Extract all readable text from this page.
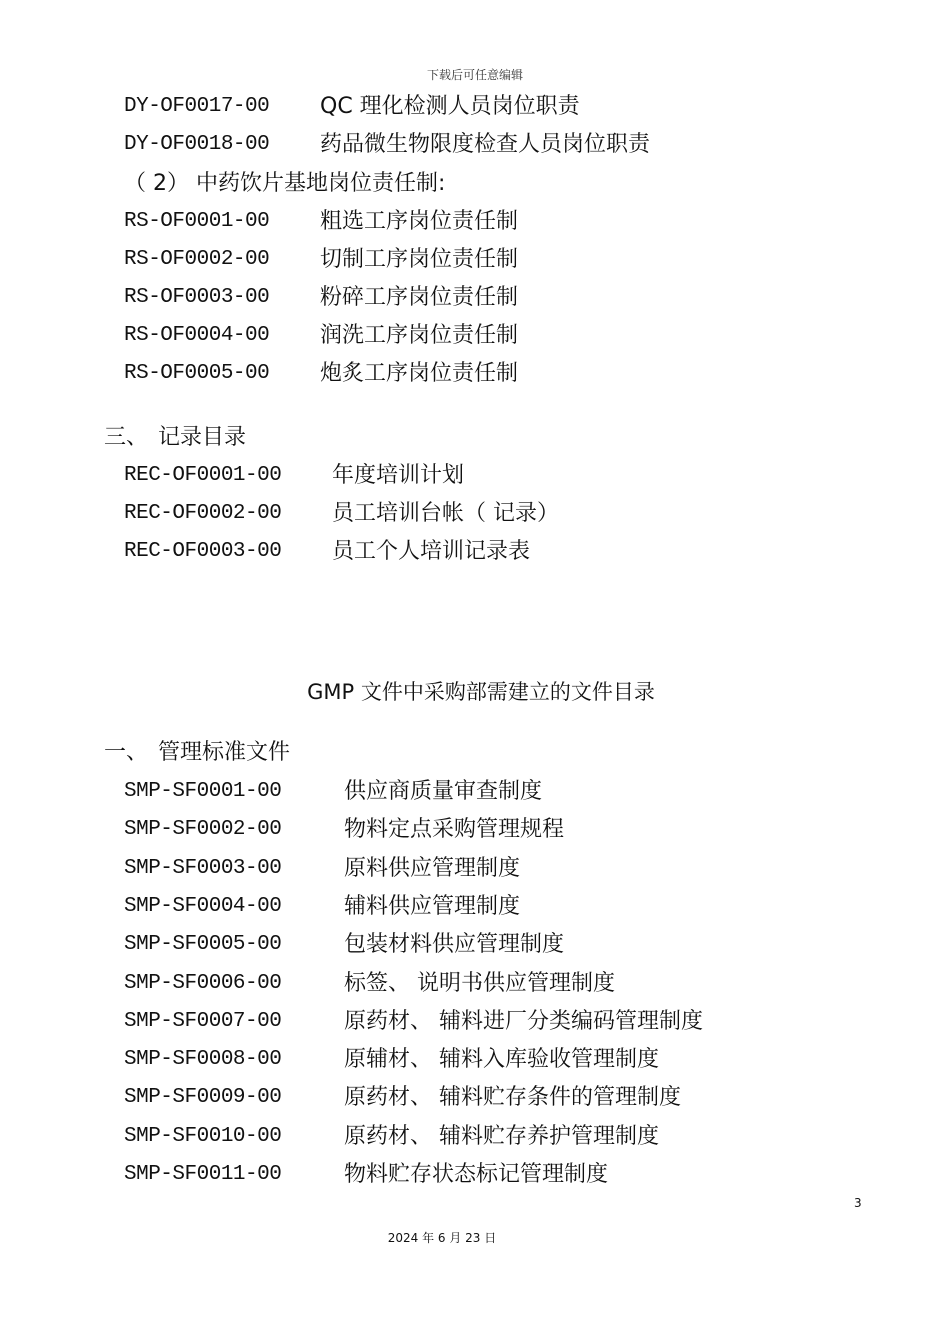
下载后可任意编辑
DY-OF0017-00 QC 理化检测人员岗位职责
DY-OF0018-00 药品微生物限度检查人员岗位职责
（ 2） 中药饮片基地岗位责任制:
RS-OF0001-00 粗选工序岗位责任制
RS-OF0002-00 切制工序岗位责任制
RS-OF0003-00 粉碎工序岗位责任制
RS-OF0004-00 润洗工序岗位责任制
RS-OF0005-00 炮炙工序岗位责任制
三、 记录目录
REC-OF0001-00 年度培训计划
REC-OF0002-00 员工培训台帐（ 记录）
REC-OF0003-00 员工个人培训记录表
GMP 文件中采购部需建立的文件目录
一、 管理标准文件
SMP-SF0001-00	供应商质量审查制度
SMP-SF0002-00	物料定点采购管理规程
SMP-SF0003-00	原料供应管理制度
SMP-SF0004-00	辅料供应管理制度
SMP-SF0005-00	包装材料供应管理制度
SMP-SF0006-00	标签、 说明书供应管理制度
SMP-SF0007-00	原药材、 辅料进厂分类编码管理制度
SMP-SF0008-00	原辅材、 辅料入库验收管理制度
SMP-SF0009-00	原药材、 辅料贮存条件的管理制度
SMP-SF0010-00	原药材、 辅料贮存养护管理制度
SMP-SF0011-00	物料贮存状态标记管理制度
3
2024 年 6 月 23 日
